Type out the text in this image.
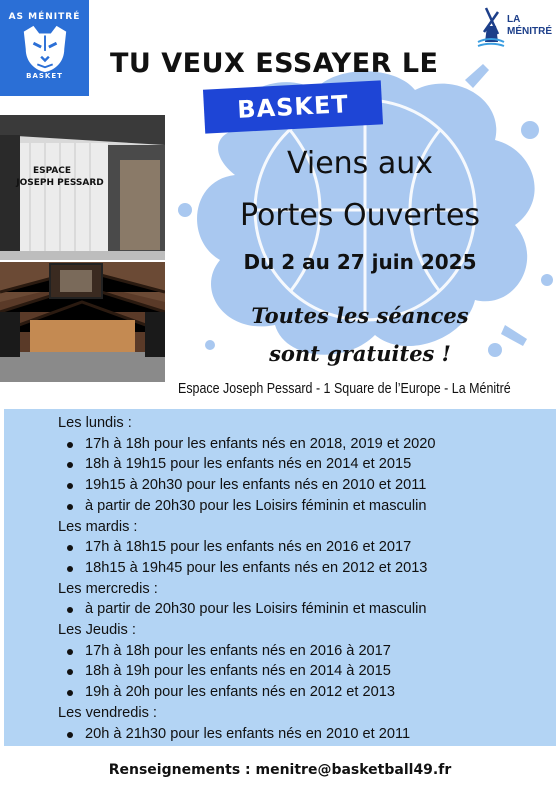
AS MÉNITRÉ
BASKET
LA
MÉNITRÉ
TU VEUX ESSAYER LE
BASKET
ESPACE
JOSEPH PESSARD
Viens aux
Portes Ouvertes
Du 2 au 27 juin 2025
Toutes les séances
sont gratuites !
Espace Joseph Pessard - 1 Square de l’Europe - La Ménitré
Les lundis :
17h à 18h pour les enfants nés en 2018, 2019 et 2020
18h à 19h15 pour les enfants nés en 2014 et 2015
19h15 à 20h30 pour les enfants nés en 2010 et 2011
à partir de 20h30 pour les Loisirs féminin et masculin
Les mardis :
17h à 18h15 pour les enfants nés en 2016 et 2017
18h15 à 19h45 pour les enfants nés en 2012 et 2013
Les mercredis :
à partir de 20h30 pour les Loisirs féminin et masculin
Les Jeudis :
17h à 18h pour les enfants nés en 2016 à 2017
18h à 19h pour les enfants nés en 2014 à 2015
19h à 20h pour les enfants nés en 2012 et 2013
Les vendredis :
20h à 21h30 pour les enfants nés en 2010 et 2011
Renseignements : menitre@basketball49.fr
